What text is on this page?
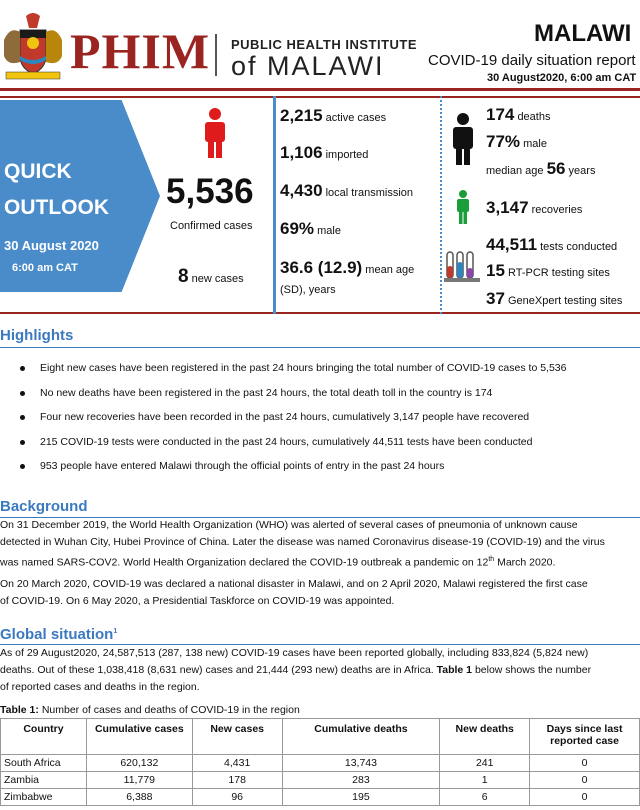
PHIM PUBLIC HEALTH INSTITUTE
of MALAWI
MALAWI
COVID-19 daily situation report
30 August2020, 6:00 am CAT
QUICK
OUTLOOK
30 August 2020
6:00 am CAT
5,536
Confirmed cases
8 new cases
2,215 active cases
1,106 imported
4,430 local transmission
69% male
36.6 (12.9) mean age
(SD), years
174 deaths
77% male
median age 56 years
3,147 recoveries
44,511 tests conducted
15 RT-PCR testing sites
37 GeneXpert testing sites
Highlights
Eight new cases have been registered in the past 24 hours bringing the total number of COVID-19 cases to 5,536
No new deaths have been registered in the past 24 hours, the total death toll in the country is 174
Four new recoveries have been recorded in the past 24 hours, cumulatively 3,147 people have recovered
215 COVID-19 tests were conducted in the past 24 hours, cumulatively 44,511 tests have been conducted
953 people have entered Malawi through the official points of entry in the past 24 hours
Background

On 31 December 2019, the World Health Organization (WHO) was alerted of several cases of pneumonia of unknown cause

detected in Wuhan City, Hubei Province of China. Later the disease was named Coronavirus disease-19 (COVID-19) and the virus

was named SARS-COV2. World Health Organization declared the COVID-19 outbreak a pandemic on 12th March 2020.

On 20 March 2020, COVID-19 was declared a national disaster in Malawi, and on 2 April 2020, Malawi registered the first case

of COVID-19. On 6 May 2020, a Presidential Taskforce on COVID-19 was appointed.

Global situation$^1$

As of 29 August2020, 24,587,513 (287, 138 new) COVID-19 cases have been reported globally, including 833,824 (5,824 new)

deaths. Out of these 1,038,418 (8,631 new) cases and 21,444 (293 new) deaths are in Africa. Table 1 below shows the number

of reported cases and deaths in the region.

Table 1: Number of cases and deaths of COVID-19 in the region
Country	Cumulative cases	New cases	Cumulative deaths	New deaths	Days since last reported case
South Africa	620,132	4,431	13,743	241	0
Zambia	11,779	178	283	1	0
Zimbabwe	6,388	96	195	6	0
